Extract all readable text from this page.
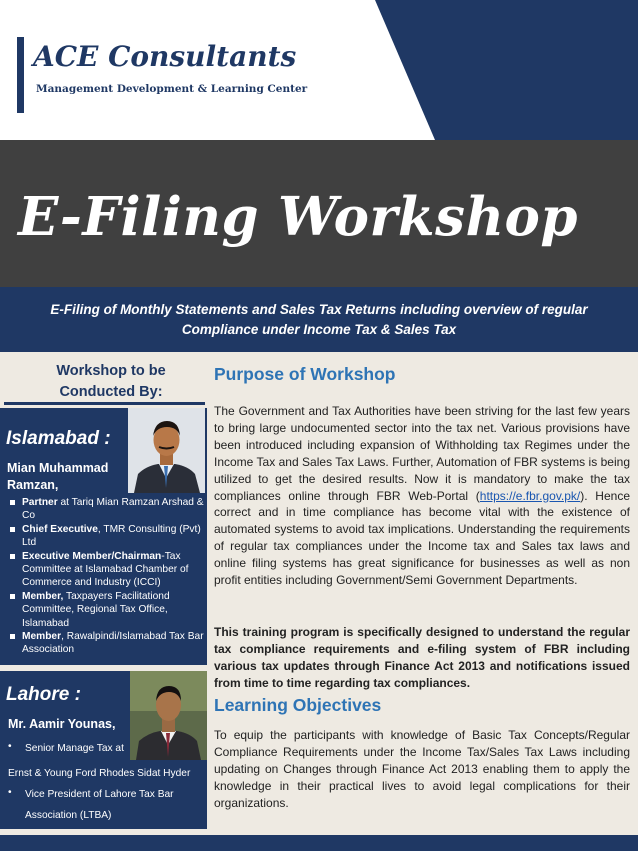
ACE Consultants
Management Development & Learning Center
E-Filing Workshop
E-Filing of Monthly Statements and Sales Tax Returns including overview of regular Compliance under Income Tax & Sales Tax
Workshop to be Conducted By:
Islamabad :
Mian Muhammad Ramzan,
Partner at Tariq Mian Ramzan Arshad & Co
Chief Executive, TMR Consulting (Pvt) Ltd
Executive Member/Chairman-Tax Committee at Islamabad Chamber of Commerce and Industry (ICCI)
Member, Taxpayers Facilitationd Committee, Regional Tax Office, Islamabad
Member, Rawalpindi/Islamabad Tax Bar Association
Lahore :
Mr. Aamir Younas,
• Senior Manage Tax at
Ernst & Young Ford Rhodes Sidat Hyder
• Vice President of Lahore Tax Bar
Association (LTBA)
Purpose of Workshop
The Government and Tax Authorities have been striving for the last few years to bring large undocumented sector into the tax net. Various provisions have been introduced including expansion of Withholding tax Regimes under the Income Tax and Sales Tax Laws. Further, Automation of FBR systems is being utilized to get the desired results. Now it is mandatory to make the tax compliances online through FBR Web-Portal (https://e.fbr.gov.pk/). Hence correct and in time compliance has become vital with the existence of automated systems to avoid tax implications. Understanding the requirements of regular tax compliances under the Income tax and Sales tax laws and online filing systems has great significance for businesses as well as non profit entities including Government/Semi Government Departments.
This training program is specifically designed to understand the regular tax compliance requirements and e-filing system of FBR including various tax updates through Finance Act 2013 and notifications issued from time to time regarding tax compliances.
Learning Objectives
To equip the participants with knowledge of Basic Tax Concepts/Regular Compliance Requirements under the Income Tax/Sales Tax Laws including updating on Changes through Finance Act 2013 enabling them to apply the knowledge in their practical lives to avoid legal complications for their organizations.
